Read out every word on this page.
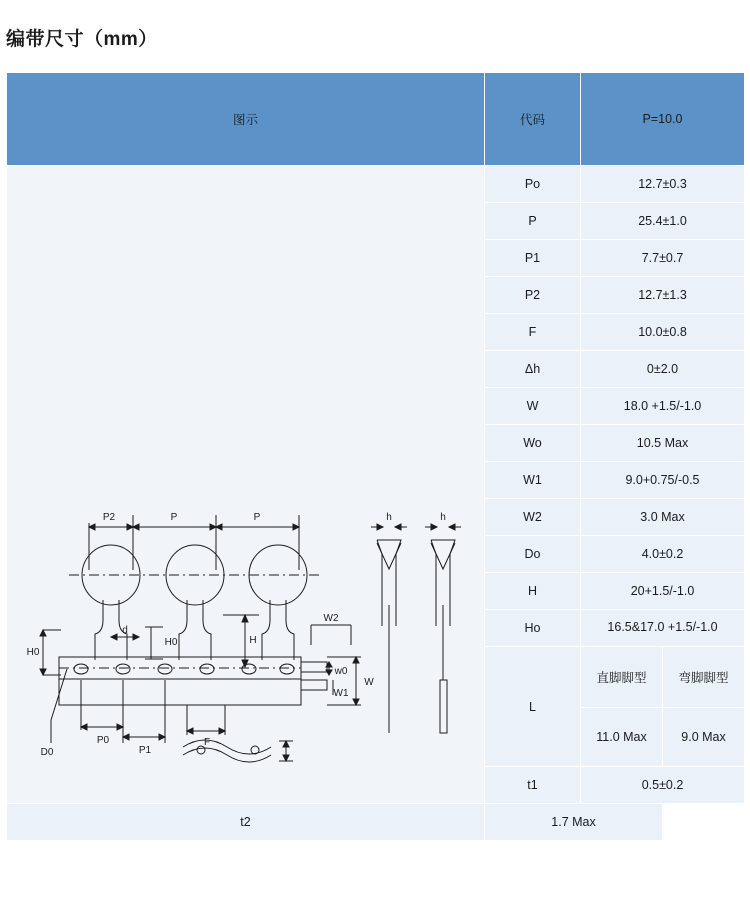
编带尺寸（mm）
图示	代码	P=10.0	

P2	P	P	h	h
d
H0	H
W2
H0
w0
W
W1
D0
P0
P1
F
	Po	12.7±0.3
	P	25.4±1.0	
	P1	7.7±0.7	
	P2	12.7±1.3	
	F	10.0±0.8	
	Δh	0±2.0	
	W	18.0 +1.5/-1.0	
	Wo	10.5 Max	
	W1	9.0+0.75/-0.5	
	W2	3.0 Max	
	Do	4.0±0.2	
	H	20+1.5/-1.0	
	Ho	16.5&17.0 +1.5/-1.0	
	L	直脚脚型	弯脚脚型
		11.0 Max	9.0 Max
	t1	0.5±0.2	
t2	1.7 Max		
